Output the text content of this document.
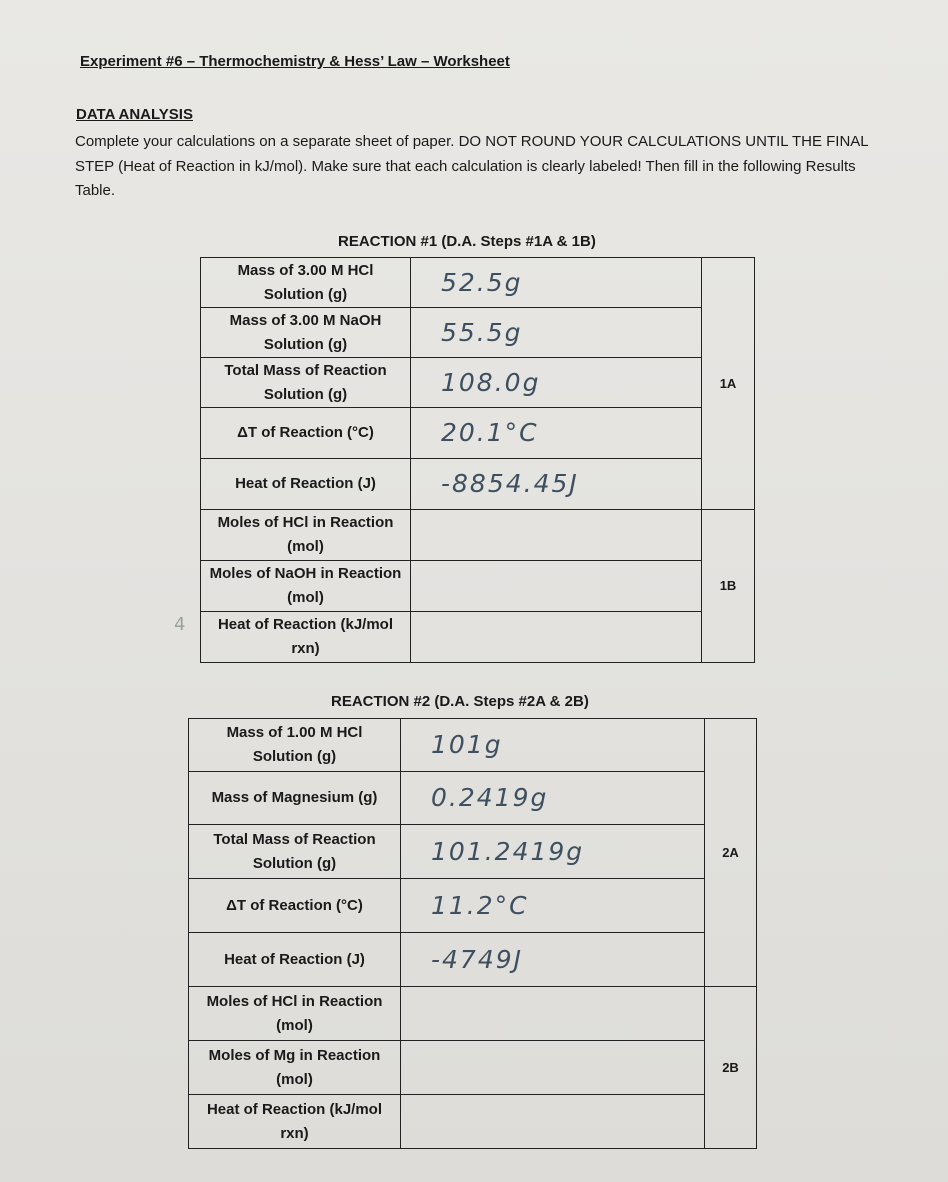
Experiment #6 – Thermochemistry & Hess’ Law – Worksheet
DATA ANALYSIS
Complete your calculations on a separate sheet of paper. DO NOT ROUND YOUR CALCULATIONS UNTIL THE FINAL STEP (Heat of Reaction in kJ/mol). Make sure that each calculation is clearly labeled! Then fill in the following Results Table.
REACTION #1 (D.A. Steps #1A & 1B)
Mass of 3.00 M HCl Solution (g)	52.5g	1A
Mass of 3.00 M NaOH Solution (g)	55.5g	
Total Mass of Reaction Solution (g)	108.0g	
ΔT of Reaction (°C)	20.1°C	
Heat of Reaction (J)	-8854.45J	
Moles of HCl in Reaction (mol)		1B
Moles of NaOH in Reaction (mol)		
Heat of Reaction (kJ/mol rxn)		
4
REACTION #2 (D.A. Steps #2A & 2B)
Mass of 1.00 M HCl Solution (g)	101g	2A
Mass of Magnesium (g)	0.2419g	
Total Mass of Reaction Solution (g)	101.2419g	
ΔT of Reaction (°C)	11.2°C	
Heat of Reaction (J)	-4749J	
Moles of HCl in Reaction (mol)		2B
Moles of Mg in Reaction (mol)		
Heat of Reaction (kJ/mol rxn)		
